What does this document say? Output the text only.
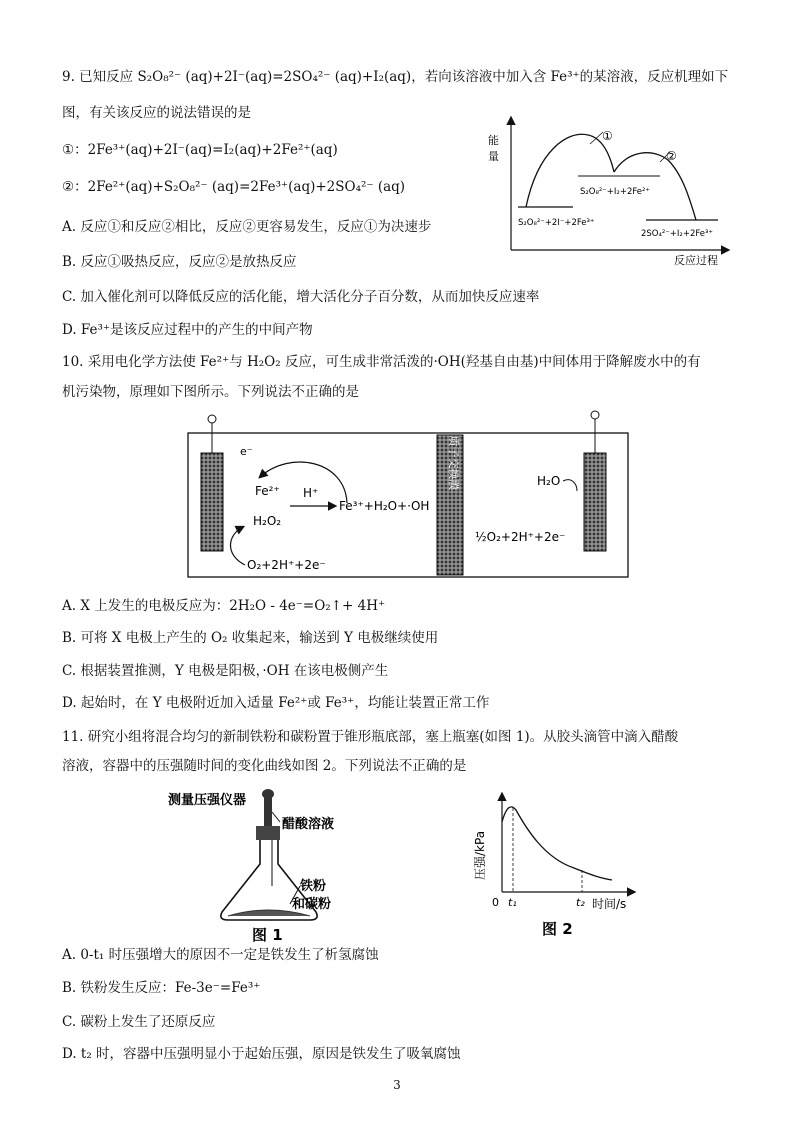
9. 已知反应 S₂O₈²⁻ (aq)+2I⁻(aq)=2SO₄²⁻ (aq)+I₂(aq)，若向该溶液中加入含 Fe³⁺的某溶液，反应机理如下
图，有关该反应的说法错误的是
①：2Fe³⁺(aq)+2I⁻(aq)=I₂(aq)+2Fe²⁺(aq)
②：2Fe²⁺(aq)+S₂O₈²⁻ (aq)=2Fe³⁺(aq)+2SO₄²⁻ (aq)
A. 反应①和反应②相比，反应②更容易发生，反应①为决速步
B. 反应①吸热反应，反应②是放热反应
C. 加入催化剂可以降低反应的活化能，增大活化分子百分数，从而加快反应速率
D. Fe³⁺是该反应过程中的产生的中间产物
能
量
反应过程
①
②
S₂O₈²⁻+I₂+2Fe²⁺
S₂O₈²⁻+2I⁻+2Fe³⁺
2SO₄²⁻+I₂+2Fe³⁺
10. 采用电化学方法使 Fe²⁺与 H₂O₂ 反应，可生成非常活泼的·OH(羟基自由基)中间体用于降解废水中的有
机污染物，原理如下图所示。下列说法不正确的是
质子交换膜
e⁻
Fe²⁺ H⁺
Fe³⁺+H₂O+·OH
H₂O₂
O₂+2H⁺+2e⁻
H₂O
½O₂+2H⁺+2e⁻
A. X 上发生的电极反应为：2H₂O - 4e⁻=O₂↑+ 4H⁺
B. 可将 X 电极上产生的 O₂ 收集起来，输送到 Y 电极继续使用
C. 根据装置推测，Y 电极是阳极，·OH 在该电极侧产生
D. 起始时，在 Y 电极附近加入适量 Fe²⁺或 Fe³⁺，均能让装置正常工作
11. 研究小组将混合均匀的新制铁粉和碳粉置于锥形瓶底部，塞上瓶塞(如图 1)。从胶头滴管中滴入醋酸
溶液，容器中的压强随时间的变化曲线如图 2。下列说法不正确的是
测量压强仪器
醋酸溶液
铁粉
和碳粉
图 1
压强/kPa
0 t₁	t₂ 时间/s
图 2
A. 0-t₁ 时压强增大的原因不一定是铁发生了析氢腐蚀
B. 铁粉发生反应：Fe-3e⁻=Fe³⁺
C. 碳粉上发生了还原反应
D. t₂ 时，容器中压强明显小于起始压强，原因是铁发生了吸氧腐蚀
3
